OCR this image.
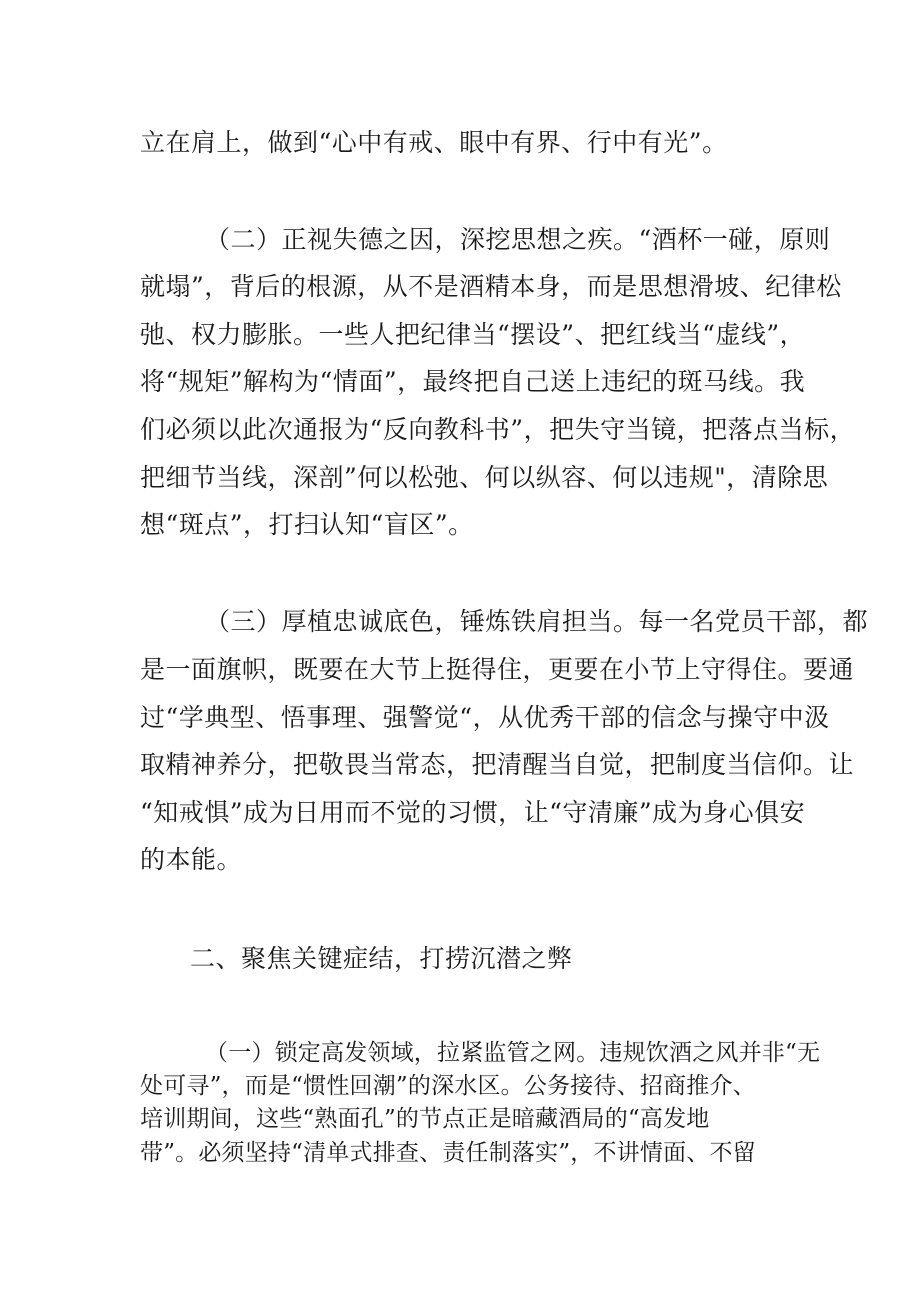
立在肩上，做到“心中有戒、眼中有界、行中有光”。

（二）正视失德之因，深挖思想之疾。“酒杯一碰，原则

就塌”，背后的根源，从不是酒精本身，而是思想滑坡、纪律松

弛、权力膨胀。一些人把纪律当“摆设”、把红线当“虚线”，

将“规矩”解构为“情面”，最终把自己送上违纪的斑马线。我

们必须以此次通报为“反向教科书”，把失守当镜，把落点当标，

把细节当线，深剖”何以松弛、何以纵容、何以违规"，清除思

想“斑点”，打扫认知“盲区”。

（三）厚植忠诚底色，锤炼铁肩担当。每一名党员干部，都

是一面旗帜，既要在大节上挺得住，更要在小节上守得住。要通

过“学典型、悟事理、强警觉“，从优秀干部的信念与操守中汲

取精神养分，把敬畏当常态，把清醒当自觉，把制度当信仰。让

“知戒惧”成为日用而不觉的习惯，让“守清廉”成为身心俱安

的本能。

二、聚焦关键症结，打捞沉潜之弊

（一）锁定高发领域，拉紧监管之网。违规饮酒之风并非“无

处可寻”，而是“惯性回潮”的深水区。公务接待、招商推介、

培训期间，这些“熟面孔”的节点正是暗藏酒局的“高发地

带”。必须坚持“清单式排查、责任制落实”，不讲情面、不留
